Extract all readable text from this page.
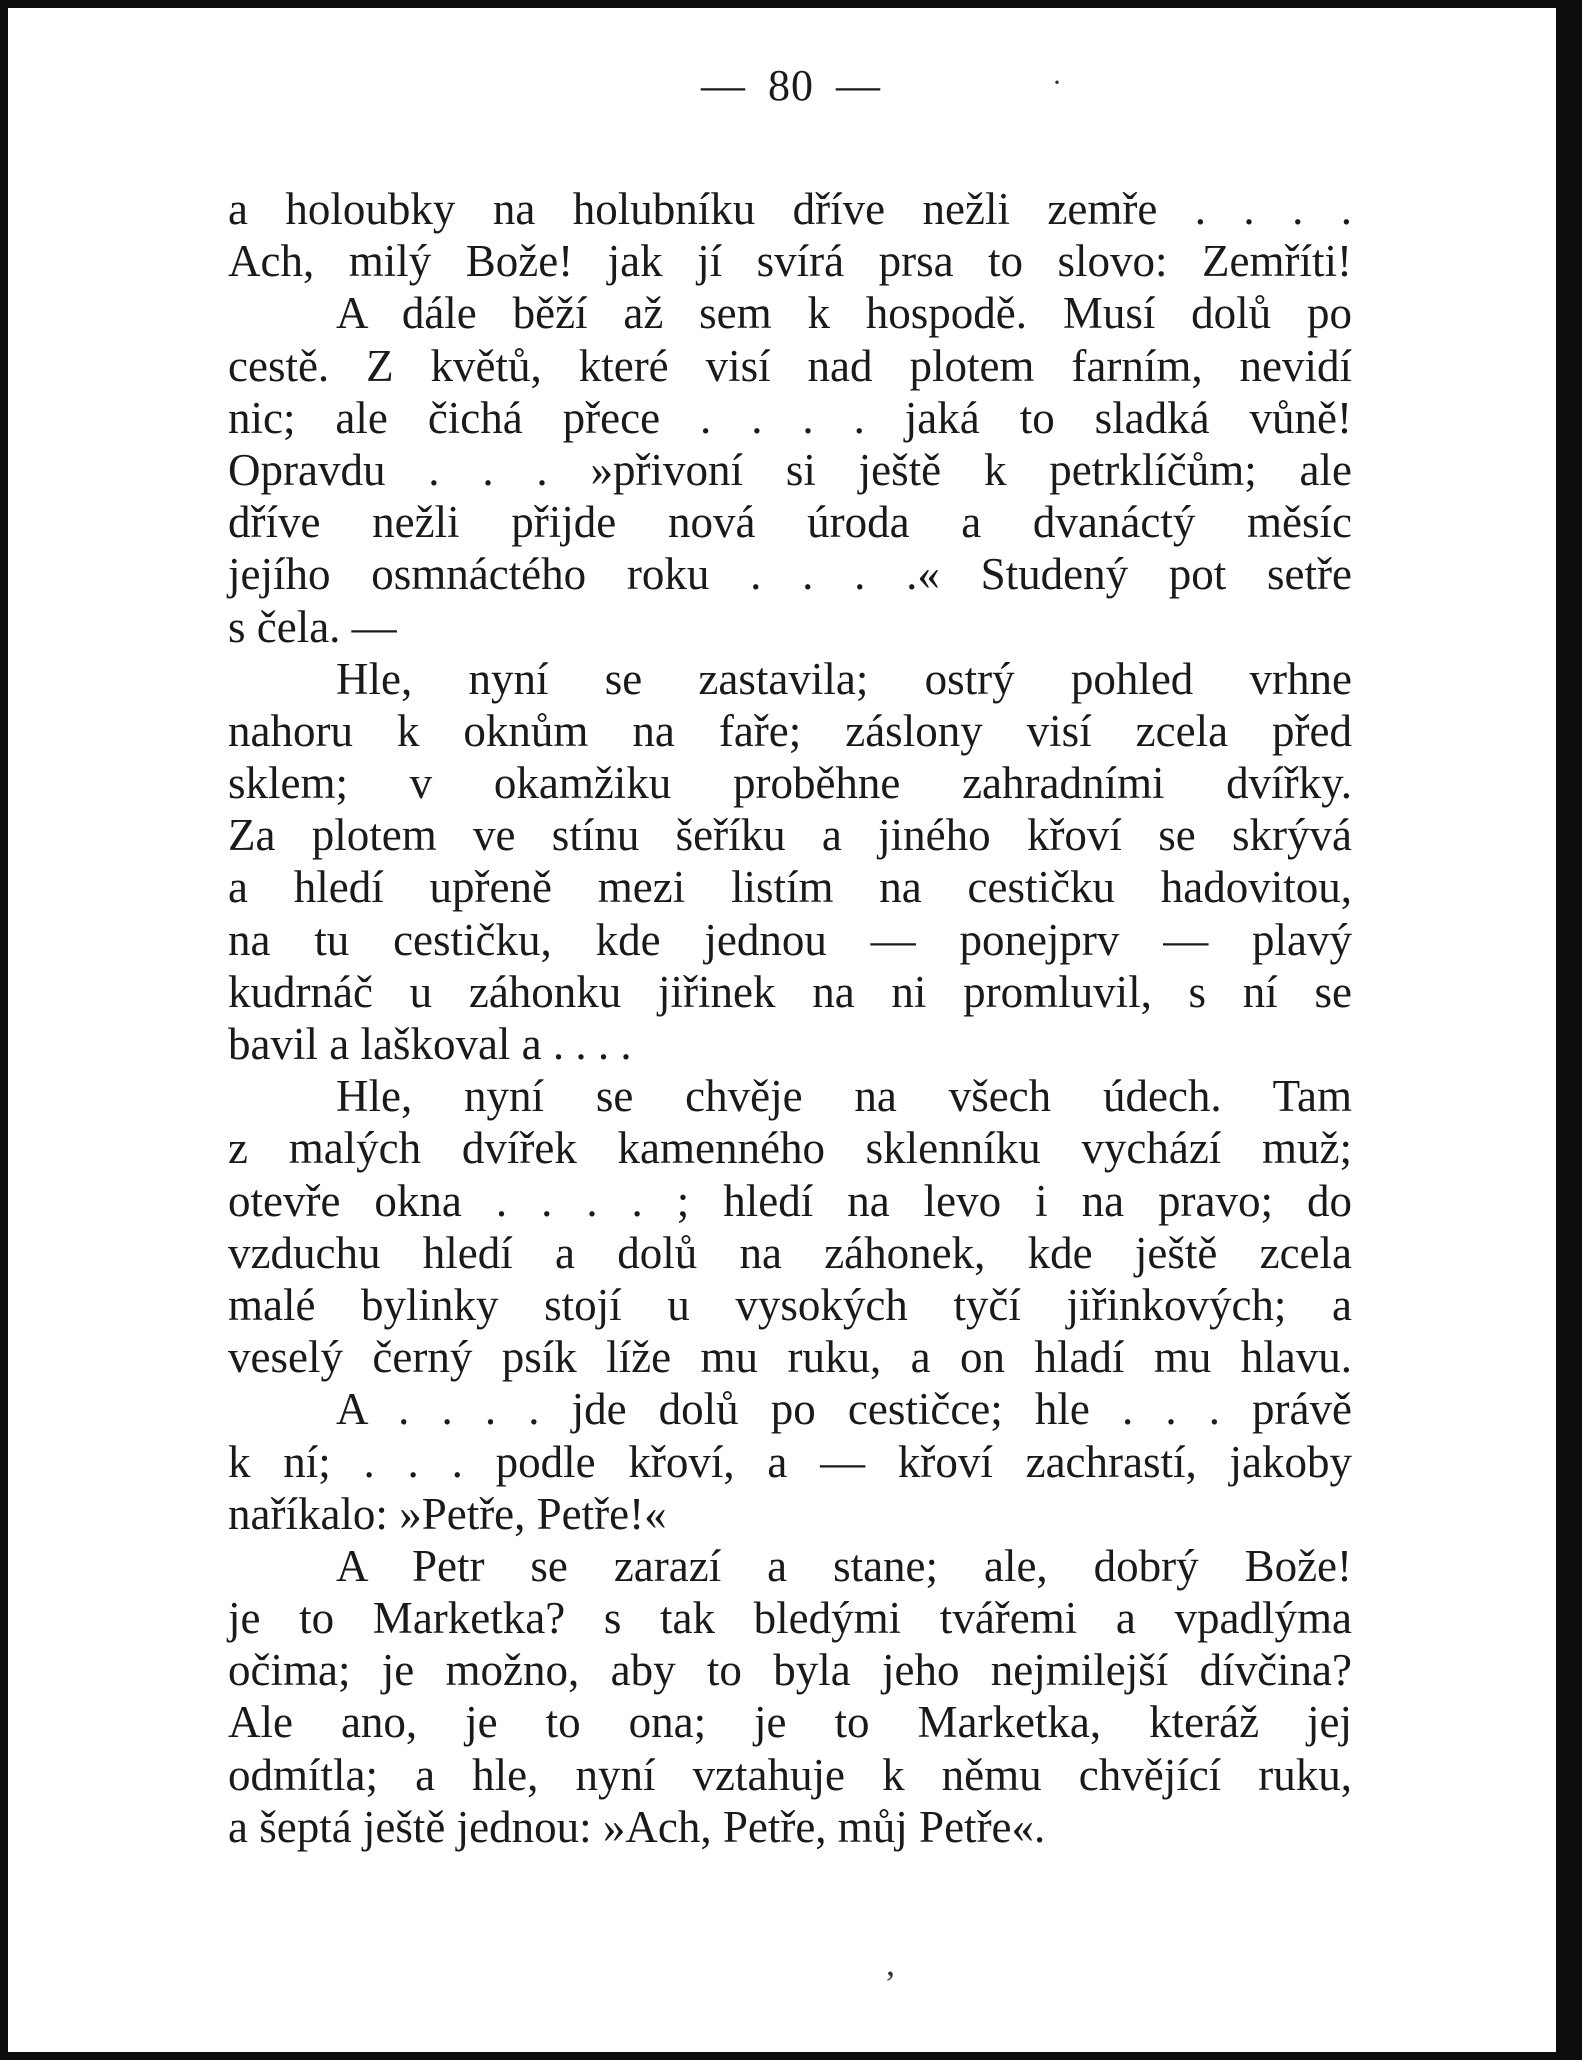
— 80 —	·
a holoubky na holubníku dříve nežli zemře . . . .
Ach, milý Bože! jak jí svírá prsa to slovo: Zemříti!
A dále běží až sem k hospodě. Musí dolů po
cestě. Z květů, které visí nad plotem farním, nevidí
nic; ale čichá přece . . . . jaká to sladká vůně!
Opravdu . . . »přivoní si ještě k petrklíčům; ale
dříve nežli přijde nová úroda a dvanáctý měsíc
jejího osmnáctého roku . . . .« Studený pot setře
s čela. —
Hle, nyní se zastavila; ostrý pohled vrhne
nahoru k oknům na faře; záslony visí zcela před
sklem; v okamžiku proběhne zahradními dvířky.
Za plotem ve stínu šeříku a jiného křoví se skrývá
a hledí upřeně mezi listím na cestičku hadovitou,
na tu cestičku, kde jednou — ponejprv — plavý
kudrnáč u záhonku jiřinek na ni promluvil, s ní se
bavil a laškoval a . . . .
Hle, nyní se chvěje na všech údech. Tam
z malých dvířek kamenného sklenníku vychází muž;
otevře okna . . . . ; hledí na levo i na pravo; do
vzduchu hledí a dolů na záhonek, kde ještě zcela
malé bylinky stojí u vysokých tyčí jiřinkových; a
veselý černý psík líže mu ruku, a on hladí mu hlavu.
A . . . . jde dolů po cestičce; hle . . . právě
k ní; . . . podle křoví, a — křoví zachrastí, jakoby
naříkalo: »Petře, Petře!«
A Petr se zarazí a stane; ale, dobrý Bože!
je to Marketka? s tak bledými tvářemi a vpadlýma
očima; je možno, aby to byla jeho nejmilejší dívčina?
Ale ano, je to ona; je to Marketka, kteráž jej
odmítla; a hle, nyní vztahuje k němu chvějící ruku,
a šeptá ještě jednou: »Ach, Petře, můj Petře«.
,
